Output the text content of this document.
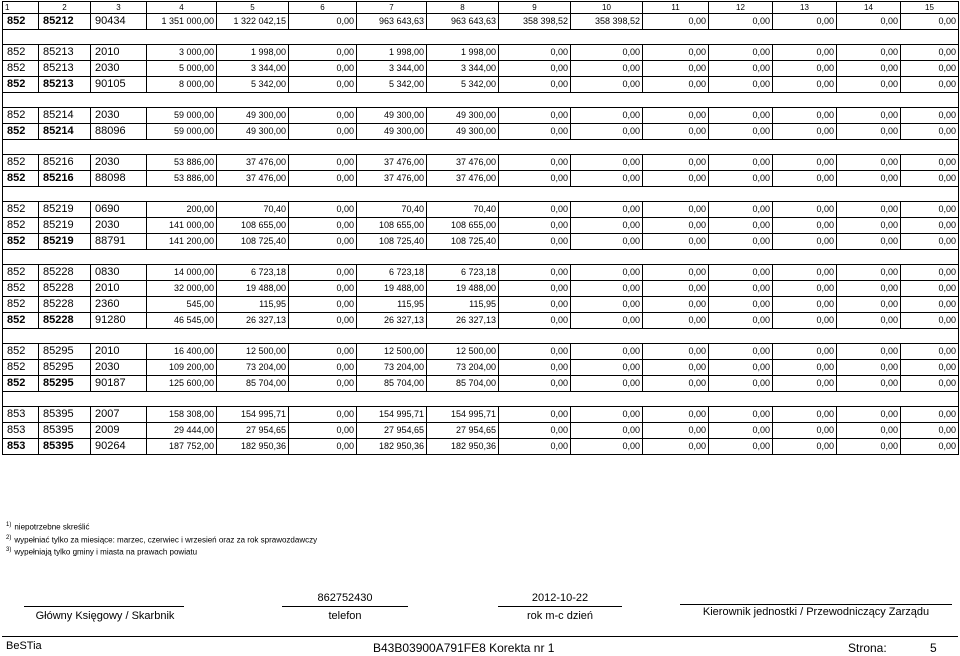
1	2	3	4	5	6	7	8	9	10	11	12	13	14	15
852	85212	90434	1 351 000,00	1 322 042,15	0,00	963 643,63	963 643,63	358 398,52	358 398,52	0,00	0,00	0,00	0,00	0,00

852	85213	2010	3 000,00	1 998,00	0,00	1 998,00	1 998,00	0,00	0,00	0,00	0,00	0,00	0,00	0,00
852	85213	2030	5 000,00	3 344,00	0,00	3 344,00	3 344,00	0,00	0,00	0,00	0,00	0,00	0,00	0,00
852	85213	90105	8 000,00	5 342,00	0,00	5 342,00	5 342,00	0,00	0,00	0,00	0,00	0,00	0,00	0,00

852	85214	2030	59 000,00	49 300,00	0,00	49 300,00	49 300,00	0,00	0,00	0,00	0,00	0,00	0,00	0,00
852	85214	88096	59 000,00	49 300,00	0,00	49 300,00	49 300,00	0,00	0,00	0,00	0,00	0,00	0,00	0,00

852	85216	2030	53 886,00	37 476,00	0,00	37 476,00	37 476,00	0,00	0,00	0,00	0,00	0,00	0,00	0,00
852	85216	88098	53 886,00	37 476,00	0,00	37 476,00	37 476,00	0,00	0,00	0,00	0,00	0,00	0,00	0,00

852	85219	0690	200,00	70,40	0,00	70,40	70,40	0,00	0,00	0,00	0,00	0,00	0,00	0,00
852	85219	2030	141 000,00	108 655,00	0,00	108 655,00	108 655,00	0,00	0,00	0,00	0,00	0,00	0,00	0,00
852	85219	88791	141 200,00	108 725,40	0,00	108 725,40	108 725,40	0,00	0,00	0,00	0,00	0,00	0,00	0,00

852	85228	0830	14 000,00	6 723,18	0,00	6 723,18	6 723,18	0,00	0,00	0,00	0,00	0,00	0,00	0,00
852	85228	2010	32 000,00	19 488,00	0,00	19 488,00	19 488,00	0,00	0,00	0,00	0,00	0,00	0,00	0,00
852	85228	2360	545,00	115,95	0,00	115,95	115,95	0,00	0,00	0,00	0,00	0,00	0,00	0,00
852	85228	91280	46 545,00	26 327,13	0,00	26 327,13	26 327,13	0,00	0,00	0,00	0,00	0,00	0,00	0,00

852	85295	2010	16 400,00	12 500,00	0,00	12 500,00	12 500,00	0,00	0,00	0,00	0,00	0,00	0,00	0,00
852	85295	2030	109 200,00	73 204,00	0,00	73 204,00	73 204,00	0,00	0,00	0,00	0,00	0,00	0,00	0,00
852	85295	90187	125 600,00	85 704,00	0,00	85 704,00	85 704,00	0,00	0,00	0,00	0,00	0,00	0,00	0,00

853	85395	2007	158 308,00	154 995,71	0,00	154 995,71	154 995,71	0,00	0,00	0,00	0,00	0,00	0,00	0,00
853	85395	2009	29 444,00	27 954,65	0,00	27 954,65	27 954,65	0,00	0,00	0,00	0,00	0,00	0,00	0,00
853	85395	90264	187 752,00	182 950,36	0,00	182 950,36	182 950,36	0,00	0,00	0,00	0,00	0,00	0,00	0,00
$^{1)}$ niepotrzebne skreślić
$^{2)}$ wypełniać tylko za miesiące: marzec, czerwiec i wrzesień oraz za rok sprawozdawczy
$^{3)}$ wypełniają tylko gminy i miasta na prawach powiatu
862752430	2012-10-22
Główny Księgowy / Skarbnik	telefon	rok m-c dzień	Kierownik jednostki / Przewodniczący Zarządu
BeSTia	B43B03900A791FE8 Korekta nr 1	Strona:	5
